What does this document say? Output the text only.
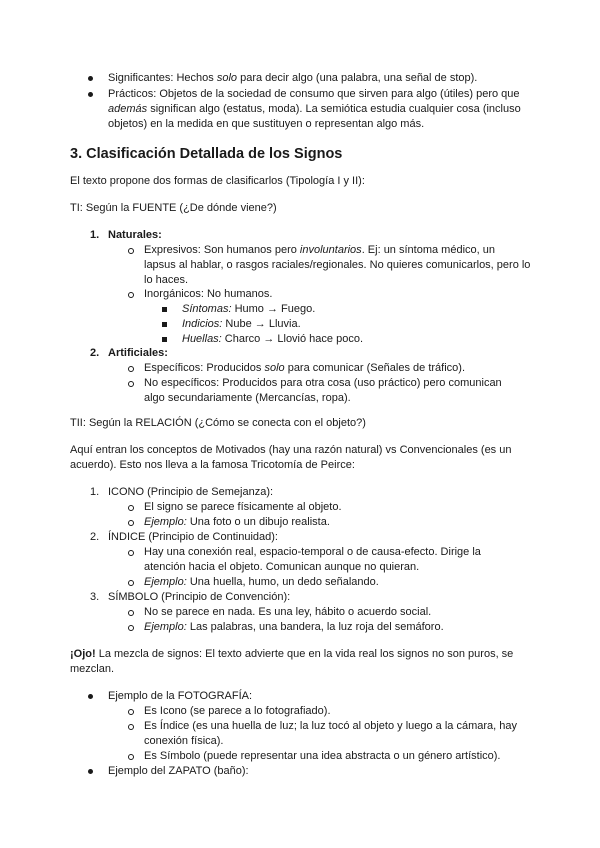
Significantes: Hechos solo para decir algo (una palabra, una señal de stop).
Prácticos: Objetos de la sociedad de consumo que sirven para algo (útiles) pero que
además significan algo (estatus, moda). La semiótica estudia cualquier cosa (incluso
objetos) en la medida en que sustituyen o representan algo más.
3. Clasificación Detallada de los Signos
El texto propone dos formas de clasificarlos (Tipología I y II):
TI: Según la FUENTE (¿De dónde viene?)
1. Naturales:
Expresivos: Son humanos pero involuntarios. Ej: un síntoma médico, un
lapsus al hablar, o rasgos raciales/regionales. No quieres comunicarlos, pero lo
lo haces.
Inorgánicos: No humanos.
Síntomas: Humo → Fuego.
Indicios: Nube → Lluvia.
Huellas: Charco → Llovió hace poco.
2. Artificiales:
Específicos: Producidos solo para comunicar (Señales de tráfico).
No específicos: Producidos para otra cosa (uso práctico) pero comunican
algo secundariamente (Mercancías, ropa).
TII: Según la RELACIÓN (¿Cómo se conecta con el objeto?)
Aquí entran los conceptos de Motivados (hay una razón natural) vs Convencionales (es un
acuerdo). Esto nos lleva a la famosa Tricotomía de Peirce:
1. ICONO (Principio de Semejanza):
El signo se parece físicamente al objeto.
Ejemplo: Una foto o un dibujo realista.
2. ÍNDICE (Principio de Continuidad):
Hay una conexión real, espacio-temporal o de causa-efecto. Dirige la
atención hacia el objeto. Comunican aunque no quieran.
Ejemplo: Una huella, humo, un dedo señalando.
3. SÍMBOLO (Principio de Convención):
No se parece en nada. Es una ley, hábito o acuerdo social.
Ejemplo: Las palabras, una bandera, la luz roja del semáforo.
¡Ojo! La mezcla de signos: El texto advierte que en la vida real los signos no son puros, se
mezclan.
Ejemplo de la FOTOGRAFÍA:
Es Icono (se parece a lo fotografiado).
Es Índice (es una huella de luz; la luz tocó al objeto y luego a la cámara, hay
conexión física).
Es Símbolo (puede representar una idea abstracta o un género artístico).
Ejemplo del ZAPATO (baño):
